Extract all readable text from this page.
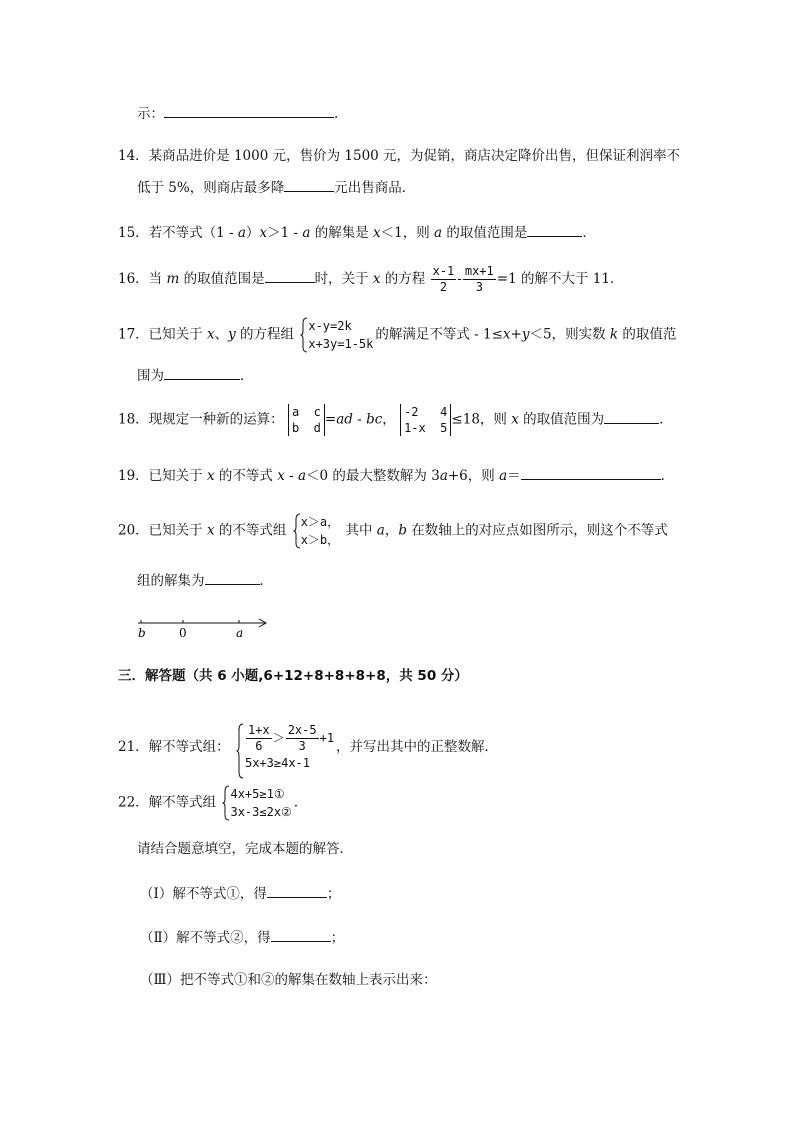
示：	.
14．某商品进价是 1000 元，售价为 1500 元，为促销，商店决定降价出售，但保证利润率不
低于 5%，则商店最多降	元出售商品．
15．若不等式（1 - a）x＞1 - a 的解集是 x＜1，则 a 的取值范围是	．
16．当 m 的取值范围是	时，关于 x 的方程 $\frac{x-1}{2} - \frac{mx+1}{3} =1$ 的解不大于 11．
17．已知关于 x、y 的方程组
x-y=2k
x+3y=1-5k
的解满足不等式 - 1≤x+y＜5，则实数 k 的取值范
围为	．
18．现规定一种新的运算： a  c
b  d
=ad - bc， -2   4
1-x  5
≤18，则 x 的取值范围为	．
19．已知关于 x 的不等式 x - a＜0 的最大整数解为 3a+6，则 a＝	．
20．已知关于 x 的不等式组
x＞a，
x＞b，
其中 a，b 在数轴上的对应点如图所示，则这个不等式
组的解集为	．
b	0	a
三．解答题（共 6 小题,6+12+8+8+8+8，共 50 分）
21．解不等式组： $\frac{1+x}{6} > \frac{2x-5}{3} +1$
5x+3≥4x-1
，并写出其中的正整数解．
22．解不等式组
4x+5≥1①
3x-3≤2x②
．
请结合题意填空，完成本题的解答．
（Ⅰ）解不等式①，得	；
（Ⅱ）解不等式②，得	；
（Ⅲ）把不等式①和②的解集在数轴上表示出来：
